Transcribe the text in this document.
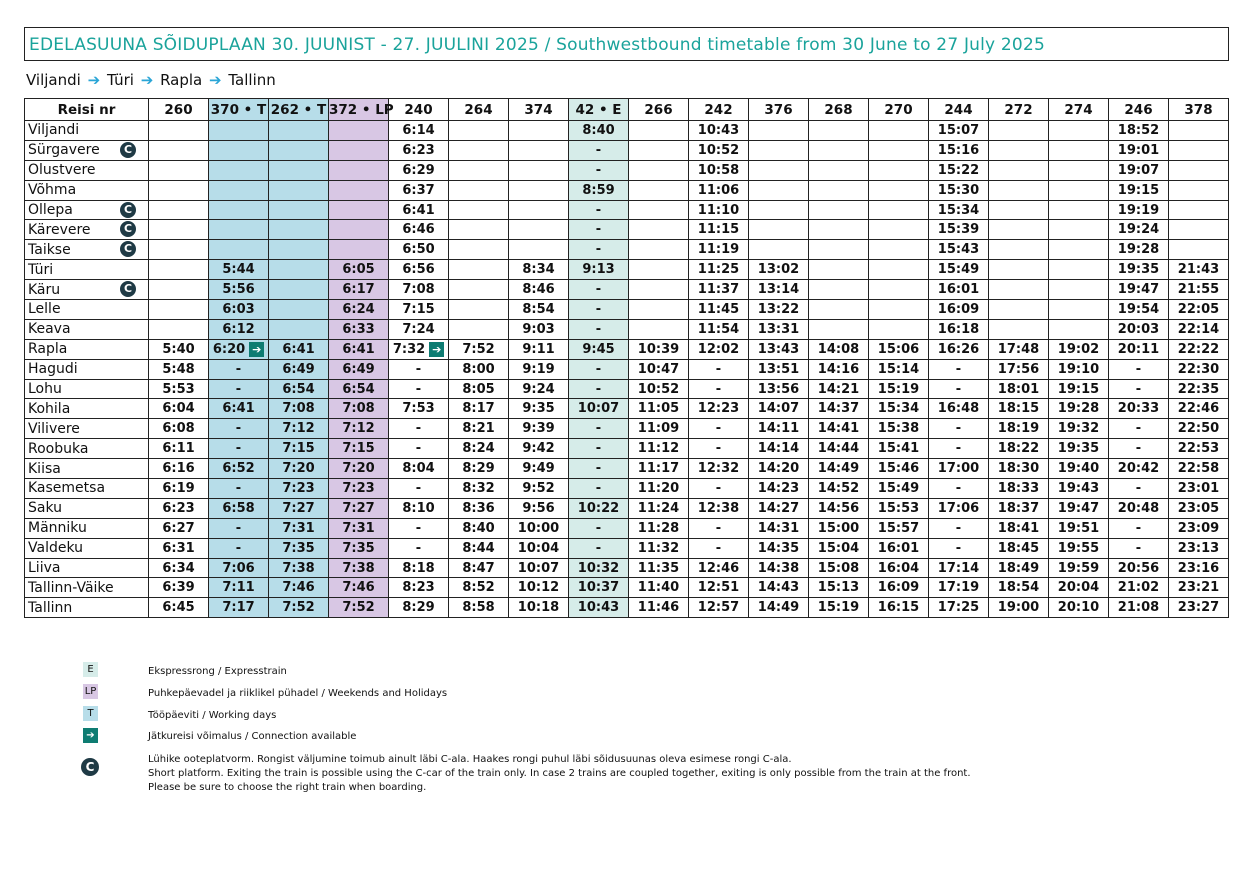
EDELASUUNA SÕIDUPLAAN 30. JUUNIST - 27. JUULINI 2025 / Southwestbound timetable from 30 June to 27 July 2025
Viljandi ➔ Türi ➔ Rapla ➔ Tallinn
Reisi nr	260	370 • T	262 • T	372 • LP	240	264	374	42 • E	266	242	376	268	270	244	272	274	246	378
Viljandi					6:14			8:40		10:43				15:07			18:52	
Sürgavere C					6:23			-		10:52				15:16			19:01	
Olustvere					6:29			-		10:58				15:22			19:07	
Võhma					6:37			8:59		11:06				15:30			19:15	
Ollepa C					6:41			-		11:10				15:34			19:19	
Kärevere C					6:46			-		11:15				15:39			19:24	
Taikse C					6:50			-		11:19				15:43			19:28	
Türi		5:44		6:05	6:56		8:34	9:13		11:25	13:02			15:49			19:35	21:43
Käru C		5:56		6:17	7:08		8:46	-		11:37	13:14			16:01			19:47	21:55
Lelle		6:03		6:24	7:15		8:54	-		11:45	13:22			16:09			19:54	22:05
Keava		6:12		6:33	7:24		9:03	-		11:54	13:31			16:18			20:03	22:14
Rapla	5:40	6:20 ➔	6:41	6:41	7:32 ➔	7:52	9:11	9:45	10:39	12:02	13:43	14:08	15:06	16:26	17:48	19:02	20:11	22:22
Hagudi	5:48	-	6:49	6:49	-	8:00	9:19	-	10:47	-	13:51	14:16	15:14	-	17:56	19:10	-	22:30
Lohu	5:53	-	6:54	6:54	-	8:05	9:24	-	10:52	-	13:56	14:21	15:19	-	18:01	19:15	-	22:35
Kohila	6:04	6:41	7:08	7:08	7:53	8:17	9:35	10:07	11:05	12:23	14:07	14:37	15:34	16:48	18:15	19:28	20:33	22:46
Vilivere	6:08	-	7:12	7:12	-	8:21	9:39	-	11:09	-	14:11	14:41	15:38	-	18:19	19:32	-	22:50
Roobuka	6:11	-	7:15	7:15	-	8:24	9:42	-	11:12	-	14:14	14:44	15:41	-	18:22	19:35	-	22:53
Kiisa	6:16	6:52	7:20	7:20	8:04	8:29	9:49	-	11:17	12:32	14:20	14:49	15:46	17:00	18:30	19:40	20:42	22:58
Kasemetsa	6:19	-	7:23	7:23	-	8:32	9:52	-	11:20	-	14:23	14:52	15:49	-	18:33	19:43	-	23:01
Saku	6:23	6:58	7:27	7:27	8:10	8:36	9:56	10:22	11:24	12:38	14:27	14:56	15:53	17:06	18:37	19:47	20:48	23:05
Männiku	6:27	-	7:31	7:31	-	8:40	10:00	-	11:28	-	14:31	15:00	15:57	-	18:41	19:51	-	23:09
Valdeku	6:31	-	7:35	7:35	-	8:44	10:04	-	11:32	-	14:35	15:04	16:01	-	18:45	19:55	-	23:13
Liiva	6:34	7:06	7:38	7:38	8:18	8:47	10:07	10:32	11:35	12:46	14:38	15:08	16:04	17:14	18:49	19:59	20:56	23:16
Tallinn-Väike	6:39	7:11	7:46	7:46	8:23	8:52	10:12	10:37	11:40	12:51	14:43	15:13	16:09	17:19	18:54	20:04	21:02	23:21
Tallinn	6:45	7:17	7:52	7:52	8:29	8:58	10:18	10:43	11:46	12:57	14:49	15:19	16:15	17:25	19:00	20:10	21:08	23:27
E	Ekspressrong / Expresstrain
LP	Puhkepäevadel ja riiklikel pühadel / Weekends and Holidays
T	Tööpäeviti / Working days
➔	Jätkureisi võimalus / Connection available
C
Lühike ooteplatvorm. Rongist väljumine toimub ainult läbi C-ala. Haakes rongi puhul läbi sõidusuunas oleva esimese rongi C-ala.
Short platform. Exiting the train is possible using the C-car of the train only. In case 2 trains are coupled together, exiting is only possible from the train at the front.
Please be sure to choose the right train when boarding.
